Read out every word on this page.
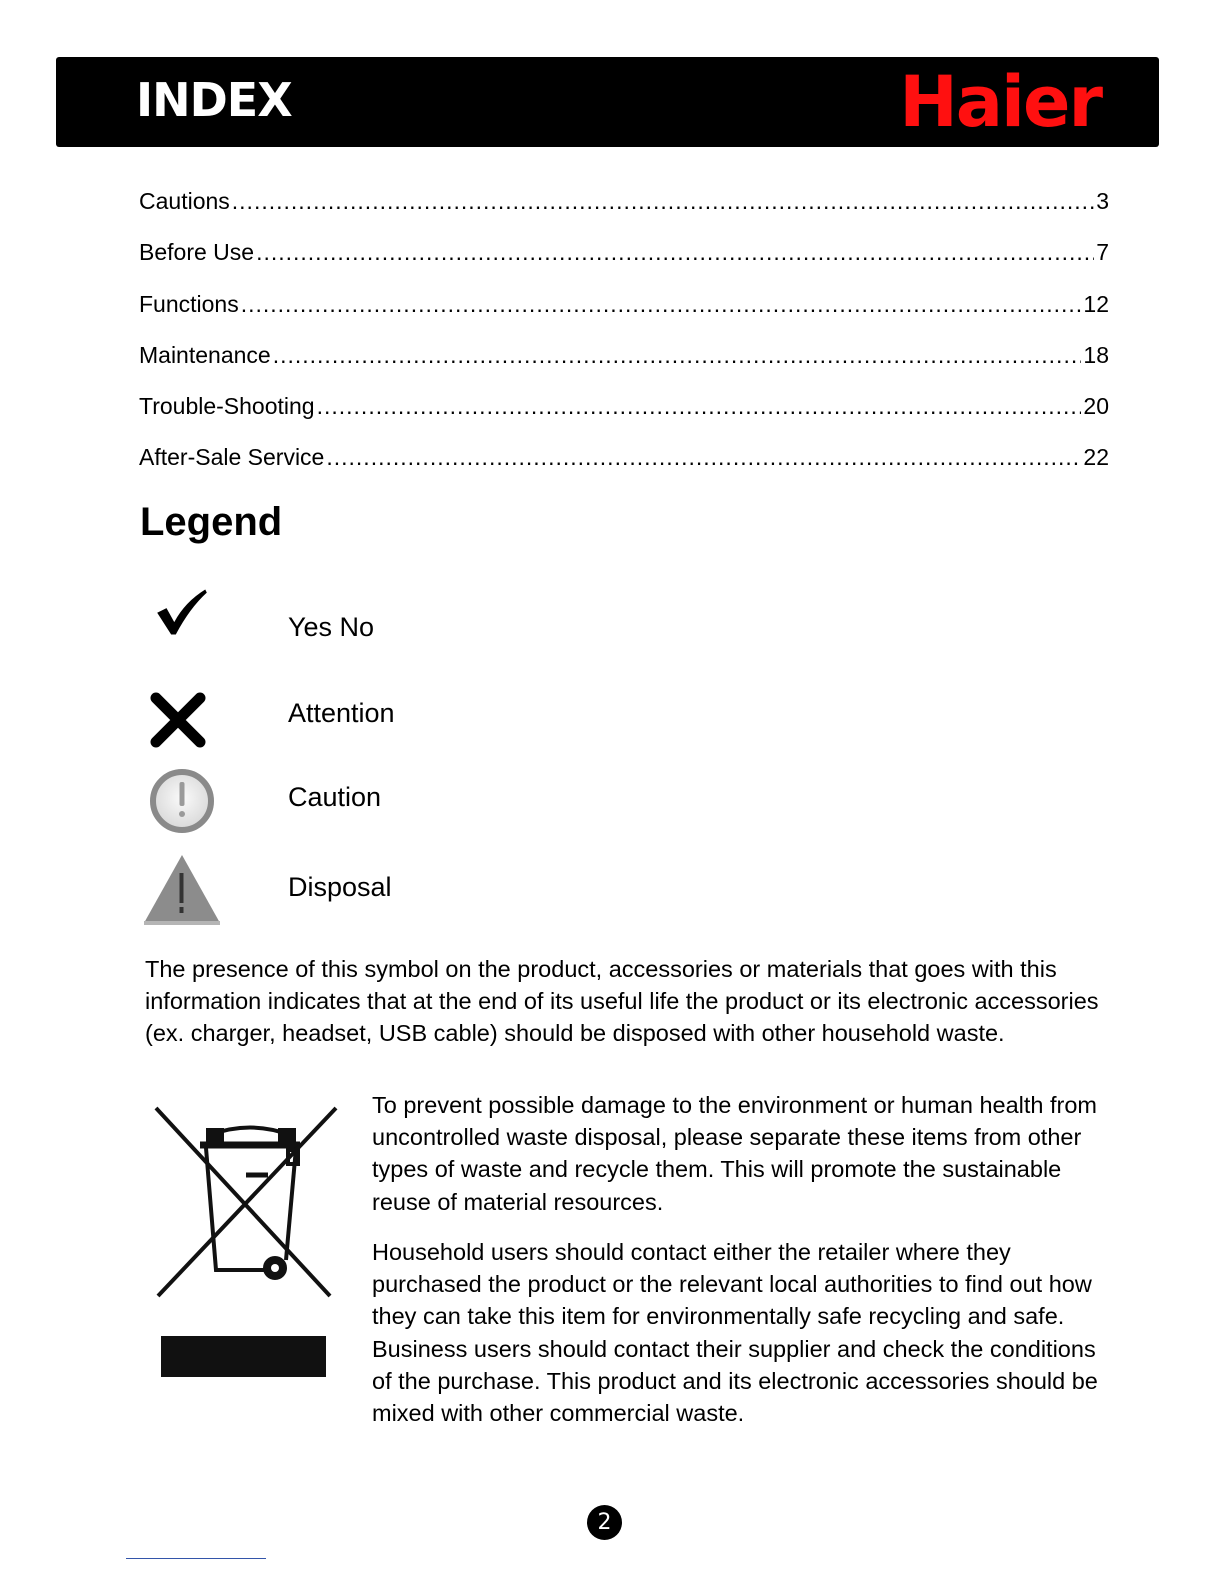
INDEX	Haier
Cautions .....	3
Before Use .....	7
Functions .....	12
Maintenance .....	18
Trouble-Shooting .....	20
After-Sale Service .....	22
Legend
Yes No
Attention
Caution
Disposal

The presence of this symbol on the product, accessories or materials that goes with this information indicates that at the end of its useful life the product or its electronic accessories (ex. charger, headset, USB cable) should be disposed with other household waste.

To prevent possible damage to the environment or human health from uncontrolled waste disposal, please separate these items from other types of waste and recycle them. This will promote the sustainable reuse of material resources.

Household users should contact either the retailer where they purchased the product or the relevant local authorities to find out how they can take this item for environmentally safe recycling and safe.
Business users should contact their supplier and check the conditions of the purchase. This product and its electronic accessories should be mixed with other commercial waste.
2
